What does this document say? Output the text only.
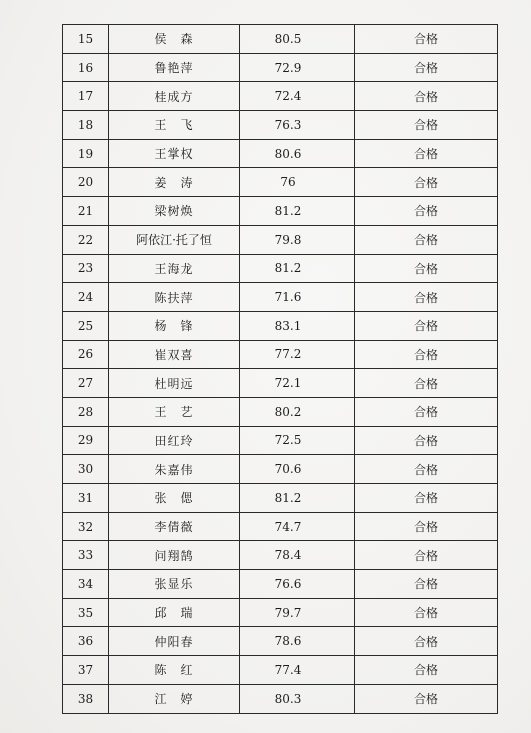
15	侯　森	80.5	合格
16	鲁艳萍	72.9	合格
17	桂成方	72.4	合格
18	王　飞	76.3	合格
19	王掌权	80.6	合格
20	姜　涛	76	合格
21	梁树焕	81.2	合格
22	阿依江·托了恒	79.8	合格
23	王海龙	81.2	合格
24	陈扶萍	71.6	合格
25	杨　锋	83.1	合格
26	崔双喜	77.2	合格
27	杜明远	72.1	合格
28	王　艺	80.2	合格
29	田红玲	72.5	合格
30	朱嘉伟	70.6	合格
31	张　偲	81.2	合格
32	李倩薇	74.7	合格
33	问翔鹄	78.4	合格
34	张显乐	76.6	合格
35	邱　瑞	79.7	合格
36	仲阳春	78.6	合格
37	陈　红	77.4	合格
38	江　婷	80.3	合格
